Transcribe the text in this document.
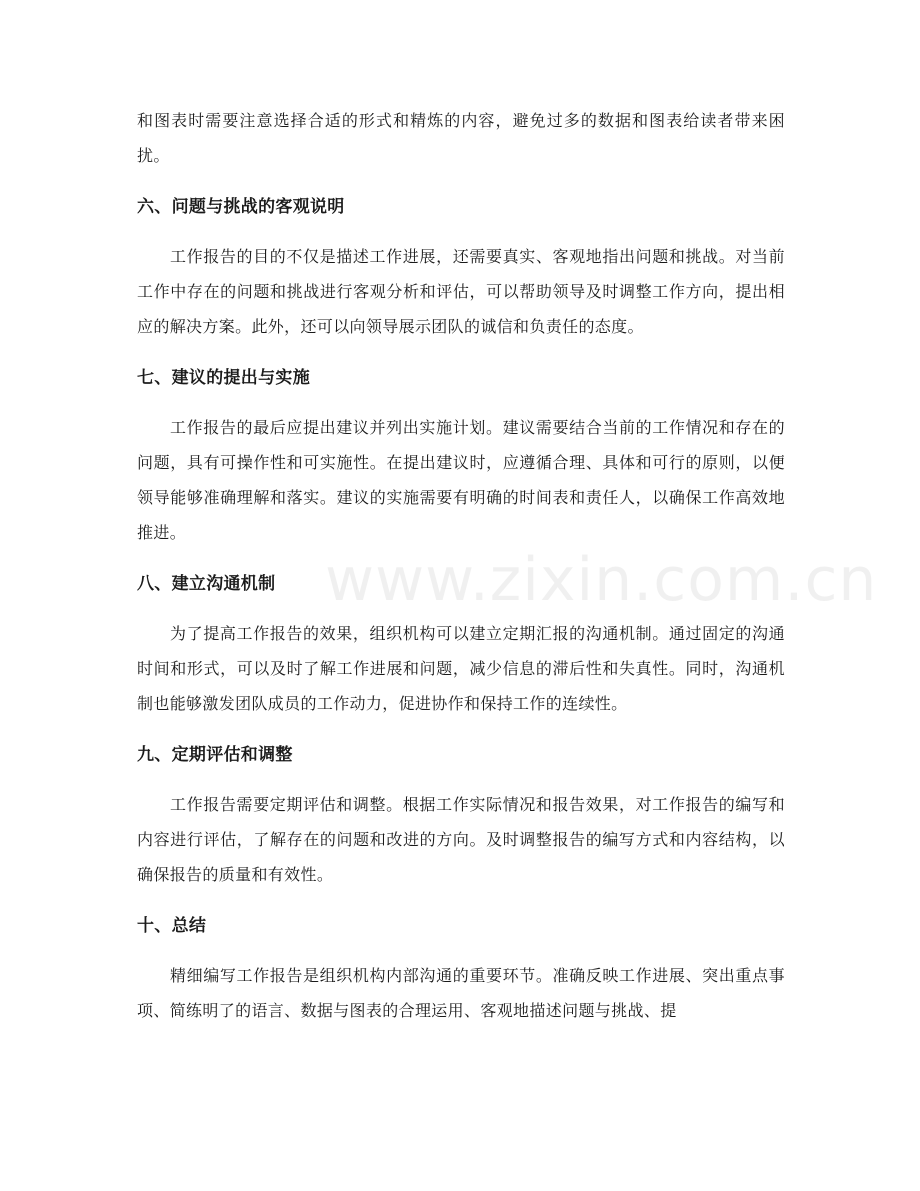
www.zixin.com.cn

和图表时需要注意选择合适的形式和精炼的内容，避免过多的数据和图表给读者带来困扰。

六、问题与挑战的客观说明

工作报告的目的不仅是描述工作进展，还需要真实、客观地指出问题和挑战。对当前工作中存在的问题和挑战进行客观分析和评估，可以帮助领导及时调整工作方向，提出相应的解决方案。此外，还可以向领导展示团队的诚信和负责任的态度。

七、建议的提出与实施

工作报告的最后应提出建议并列出实施计划。建议需要结合当前的工作情况和存在的问题，具有可操作性和可实施性。在提出建议时，应遵循合理、具体和可行的原则，以便领导能够准确理解和落实。建议的实施需要有明确的时间表和责任人，以确保工作高效地推进。

八、建立沟通机制

为了提高工作报告的效果，组织机构可以建立定期汇报的沟通机制。通过固定的沟通时间和形式，可以及时了解工作进展和问题，减少信息的滞后性和失真性。同时，沟通机制也能够激发团队成员的工作动力，促进协作和保持工作的连续性。

九、定期评估和调整

工作报告需要定期评估和调整。根据工作实际情况和报告效果，对工作报告的编写和内容进行评估，了解存在的问题和改进的方向。及时调整报告的编写方式和内容结构，以确保报告的质量和有效性。

十、总结

精细编写工作报告是组织机构内部沟通的重要环节。准确反映工作进展、突出重点事项、简练明了的语言、数据与图表的合理运用、客观地描述问题与挑战、提
